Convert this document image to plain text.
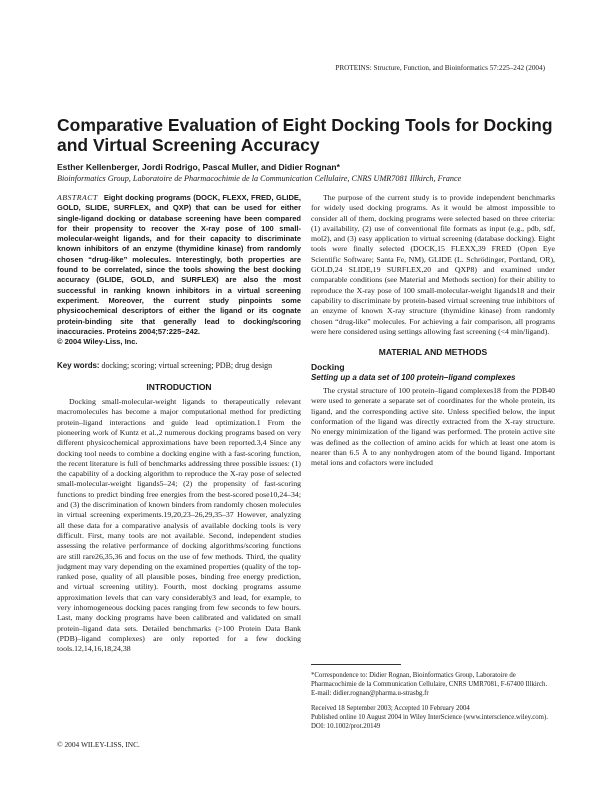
PROTEINS: Structure, Function, and Bioinformatics 57:225–242 (2004)
Comparative Evaluation of Eight Docking Tools for Docking and Virtual Screening Accuracy
Esther Kellenberger, Jordi Rodrigo, Pascal Muller, and Didier Rognan*
Bioinformatics Group, Laboratoire de Pharmacochimie de la Communication Cellulaire, CNRS UMR7081 Illkirch, France
ABSTRACT Eight docking programs (DOCK, FLEXX, FRED, GLIDE, GOLD, SLIDE, SURFLEX, and QXP) that can be used for either single-ligand docking or database screening have been compared for their propensity to recover the X-ray pose of 100 small-molecular-weight ligands, and for their capacity to discriminate known inhibitors of an enzyme (thymidine kinase) from randomly chosen “drug-like” molecules. Interestingly, both properties are found to be correlated, since the tools showing the best docking accuracy (GLIDE, GOLD, and SURFLEX) are also the most successful in ranking known inhibitors in a virtual screening experiment. Moreover, the current study pinpoints some physicochemical descriptors of either the ligand or its cognate protein-binding site that generally lead to docking/scoring inaccuracies. Proteins 2004;57:225–242.
© 2004 Wiley-Liss, Inc.
Key words: docking; scoring; virtual screening; PDB; drug design
INTRODUCTION

Docking small-molecular-weight ligands to therapeutically relevant macromolecules has become a major computational method for predicting protein–ligand interactions and guide lead optimization.1 From the pioneering work of Kuntz et al.,2 numerous docking programs based on very different physicochemical approximations have been reported.3,4 Since any docking tool needs to combine a docking engine with a fast-scoring function, the recent literature is full of benchmarks addressing three possible issues: (1) the capability of a docking algorithm to reproduce the X-ray pose of selected small-molecular-weight ligands5–24; (2) the propensity of fast-scoring functions to predict binding free energies from the best-scored pose10,24–34; and (3) the discrimination of known binders from randomly chosen molecules in virtual screening experiments.19,20,23–26,29,35–37 However, analyzing all these data for a comparative analysis of available docking tools is very difficult. First, many tools are not available. Second, independent studies assessing the relative performance of docking algorithms/scoring functions are still rare26,35,36 and focus on the use of few methods. Third, the quality judgment may vary depending on the examined properties (quality of the top-ranked pose, quality of all plausible poses, binding free energy prediction, and virtual screening utility). Fourth, most docking programs assume approximation levels that can vary considerably3 and lead, for example, to very inhomogeneous docking paces ranging from few seconds to few hours. Last, many docking programs have been calibrated and validated on small protein–ligand data sets. Detailed benchmarks (>100 Protein Data Bank (PDB)–ligand complexes) are only reported for a few docking tools.12,14,16,18,24,38

The purpose of the current study is to provide independent benchmarks for widely used docking programs. As it would be almost impossible to consider all of them, docking programs were selected based on three criteria: (1) availability, (2) use of conventional file formats as input (e.g., pdb, sdf, mol2), and (3) easy application to virtual screening (database docking). Eight tools were finally selected (DOCK,15 FLEXX,39 FRED (Open Eye Scientific Software; Santa Fe, NM), GLIDE (L. Schrödinger, Portland, OR), GOLD,24 SLIDE,19 SURFLEX,20 and QXP8) and examined under comparable conditions (see Material and Methods section) for their ability to reproduce the X-ray pose of 100 small-molecular-weight ligands18 and their capability to discriminate by protein-based virtual screening true inhibitors of an enzyme of known X-ray structure (thymidine kinase) from randomly chosen “drug-like” molecules. For achieving a fair comparison, all programs were here considered using settings allowing fast screening (<4 min/ligand).

MATERIAL AND METHODS
Docking
Setting up a data set of 100 protein–ligand complexes

The crystal structure of 100 protein–ligand complexes18 from the PDB40 were used to generate a separate set of coordinates for the whole protein, its ligand, and the corresponding active site. Unless specified below, the input conformation of the ligand was directly extracted from the X-ray structure. No energy minimization of the ligand was performed. The protein active site was defined as the collection of amino acids for which at least one atom is nearer than 6.5 Å to any nonhydrogen atom of the bound ligand. Important metal ions and cofactors were included

*Correspondence to: Didier Rognan, Bioinformatics Group, Laboratoire de Pharmacochimie de la Communication Cellulaire, CNRS UMR7081, F-67400 Illkirch. E-mail: didier.rognan@pharma.u-strasbg.fr
Received 18 September 2003; Accepted 10 February 2004
Published online 10 August 2004 in Wiley InterScience (www.interscience.wiley.com). DOI: 10.1002/prot.20149
© 2004 WILEY-LISS, INC.
